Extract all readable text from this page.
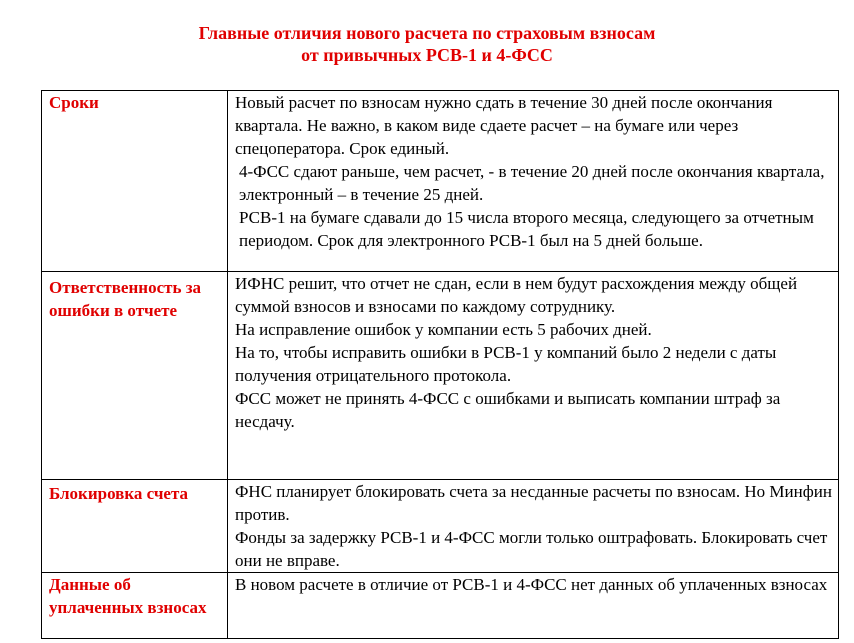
Главные отличия нового расчета по страховым взносам
от привычных РСВ-1 и 4-ФСС
Сроки	Новый расчет по взносам нужно сдать в течение 30 дней после окончания квартала. Не важно, в каком виде сдаете расчет – на бумаге или через спецоператора. Срок единый.
4-ФСС сдают раньше, чем расчет, - в течение 20 дней после окончания квартала, электронный – в течение 25 дней.
РСВ-1 на бумаге сдавали до 15 числа второго месяца, следующего за отчетным периодом. Срок для электронного РСВ-1 был на 5 дней больше.

Ответственность за ошибки в отчете	ИФНС решит, что отчет не сдан, если в нем будут расхождения между общей суммой взносов и взносами по каждому сотруднику.
На исправление ошибок у компании есть 5 рабочих дней.
На то, чтобы исправить ошибки в РСВ-1 у компаний было 2 недели с даты получения отрицательного протокола.
ФСС может не принять 4-ФСС с ошибками и выписать компании штраф за несдачу.

Блокировка счета	ФНС планирует блокировать счета за несданные расчеты по взносам. Но Минфин против.
Фонды за задержку РСВ-1 и 4-ФСС могли только оштрафовать. Блокировать счет они не вправе.

Данные об уплаченных взносах	В новом расчете в отличие от РСВ-1 и 4-ФСС нет данных об уплаченных взносах
